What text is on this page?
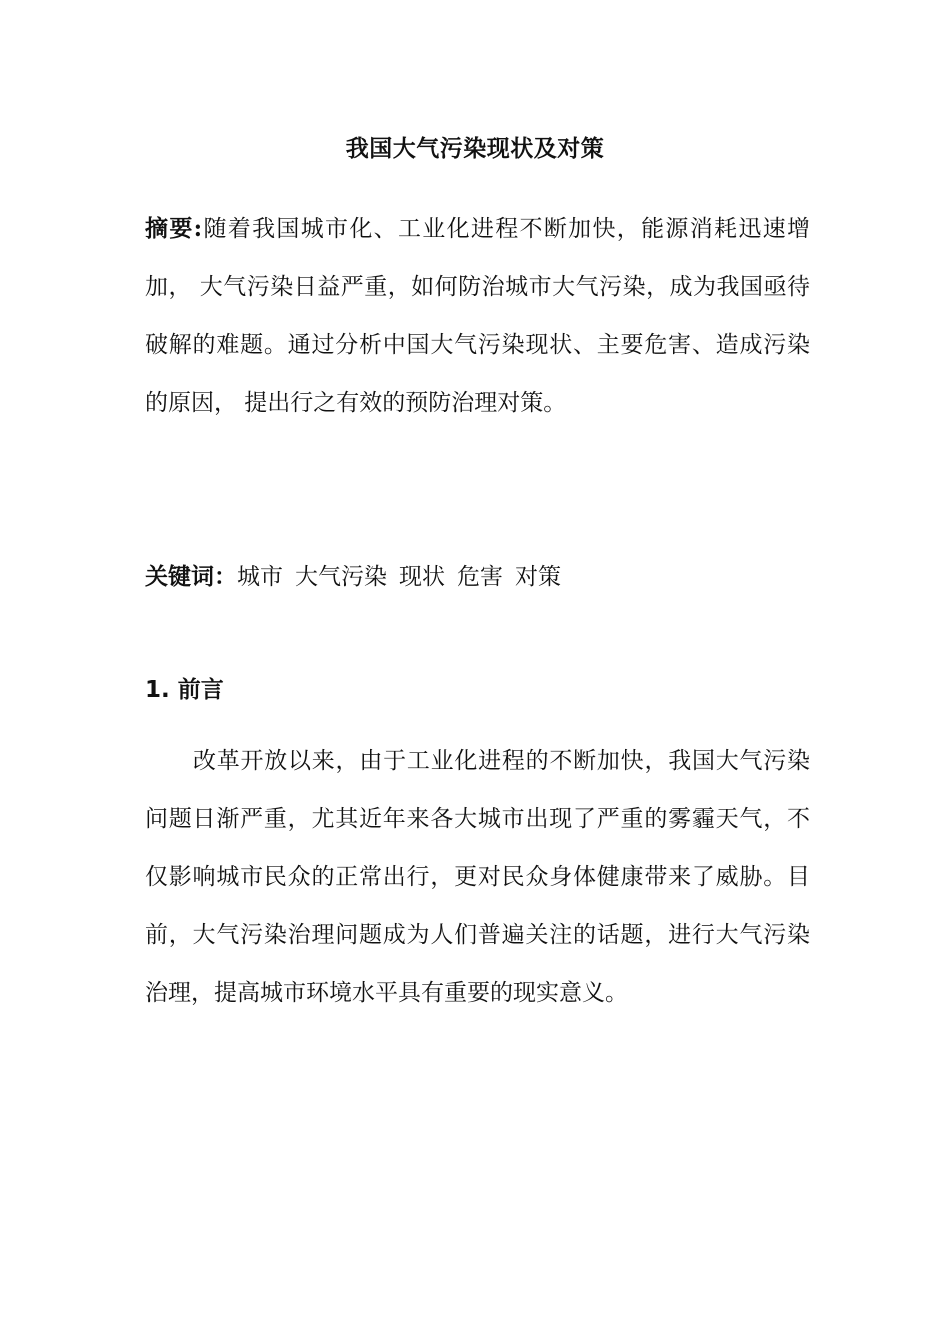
我国大气污染现状及对策
摘要:随着我国城市化、工业化进程不断加快，能源消耗迅速增加， 大气污染日益严重，如何防治城市大气污染，成为我国亟待破解的难题。通过分析中国大气污染现状、主要危害、造成污染的原因， 提出行之有效的预防治理对策。
关键词：城市 大气污染 现状 危害 对策
1. 前言
改革开放以来，由于工业化进程的不断加快，我国大气污染问题日渐严重，尤其近年来各大城市出现了严重的雾霾天气，不仅影响城市民众的正常出行，更对民众身体健康带来了威胁。目前，大气污染治理问题成为人们普遍关注的话题，进行大气污染治理，提高城市环境水平具有重要的现实意义。
